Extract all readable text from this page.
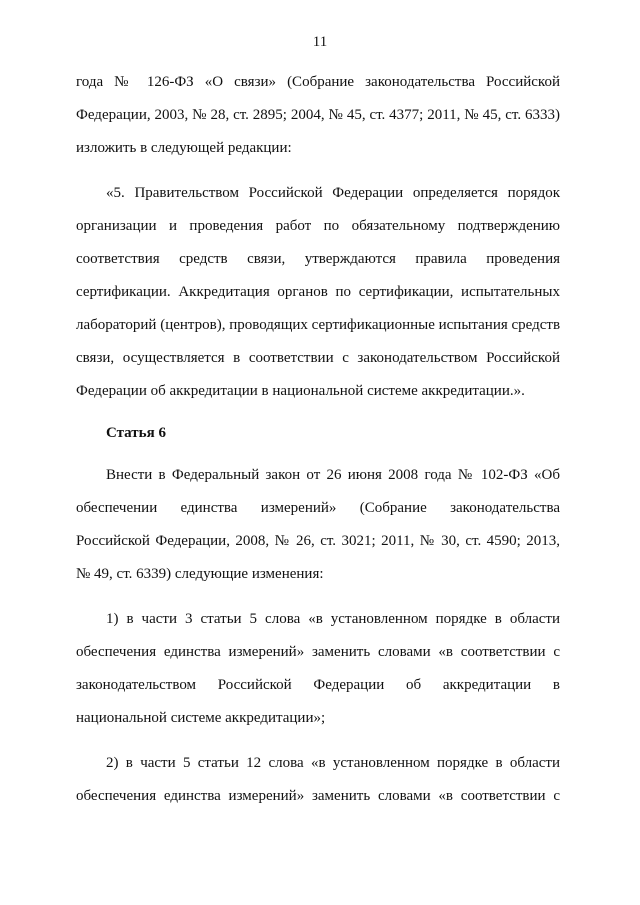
11
года № 126-ФЗ «О связи» (Собрание законодательства Российской
Федерации, 2003, № 28, ст. 2895; 2004, № 45, ст. 4377; 2011, № 45, ст. 6333)
изложить в следующей редакции:
«5. Правительством Российской Федерации определяется порядок
организации и проведения работ по обязательному подтверждению
соответствия средств связи, утверждаются правила проведения
сертификации. Аккредитация органов по сертификации, испытательных
лабораторий (центров), проводящих сертификационные испытания средств
связи, осуществляется в соответствии с законодательством Российской
Федерации об аккредитации в национальной системе аккредитации.».
Статья 6
Внести в Федеральный закон от 26 июня 2008 года № 102-ФЗ «Об
обеспечении единства измерений» (Собрание законодательства
Российской Федерации, 2008, № 26, ст. 3021; 2011, № 30, ст. 4590; 2013,
№ 49, ст. 6339) следующие изменения:
1) в части 3 статьи 5 слова «в установленном порядке в области
обеспечения единства измерений» заменить словами «в соответствии с
законодательством Российской Федерации об аккредитации в
национальной системе аккредитации»;
2) в части 5 статьи 12 слова «в установленном порядке в области
обеспечения единства измерений» заменить словами «в соответствии с
